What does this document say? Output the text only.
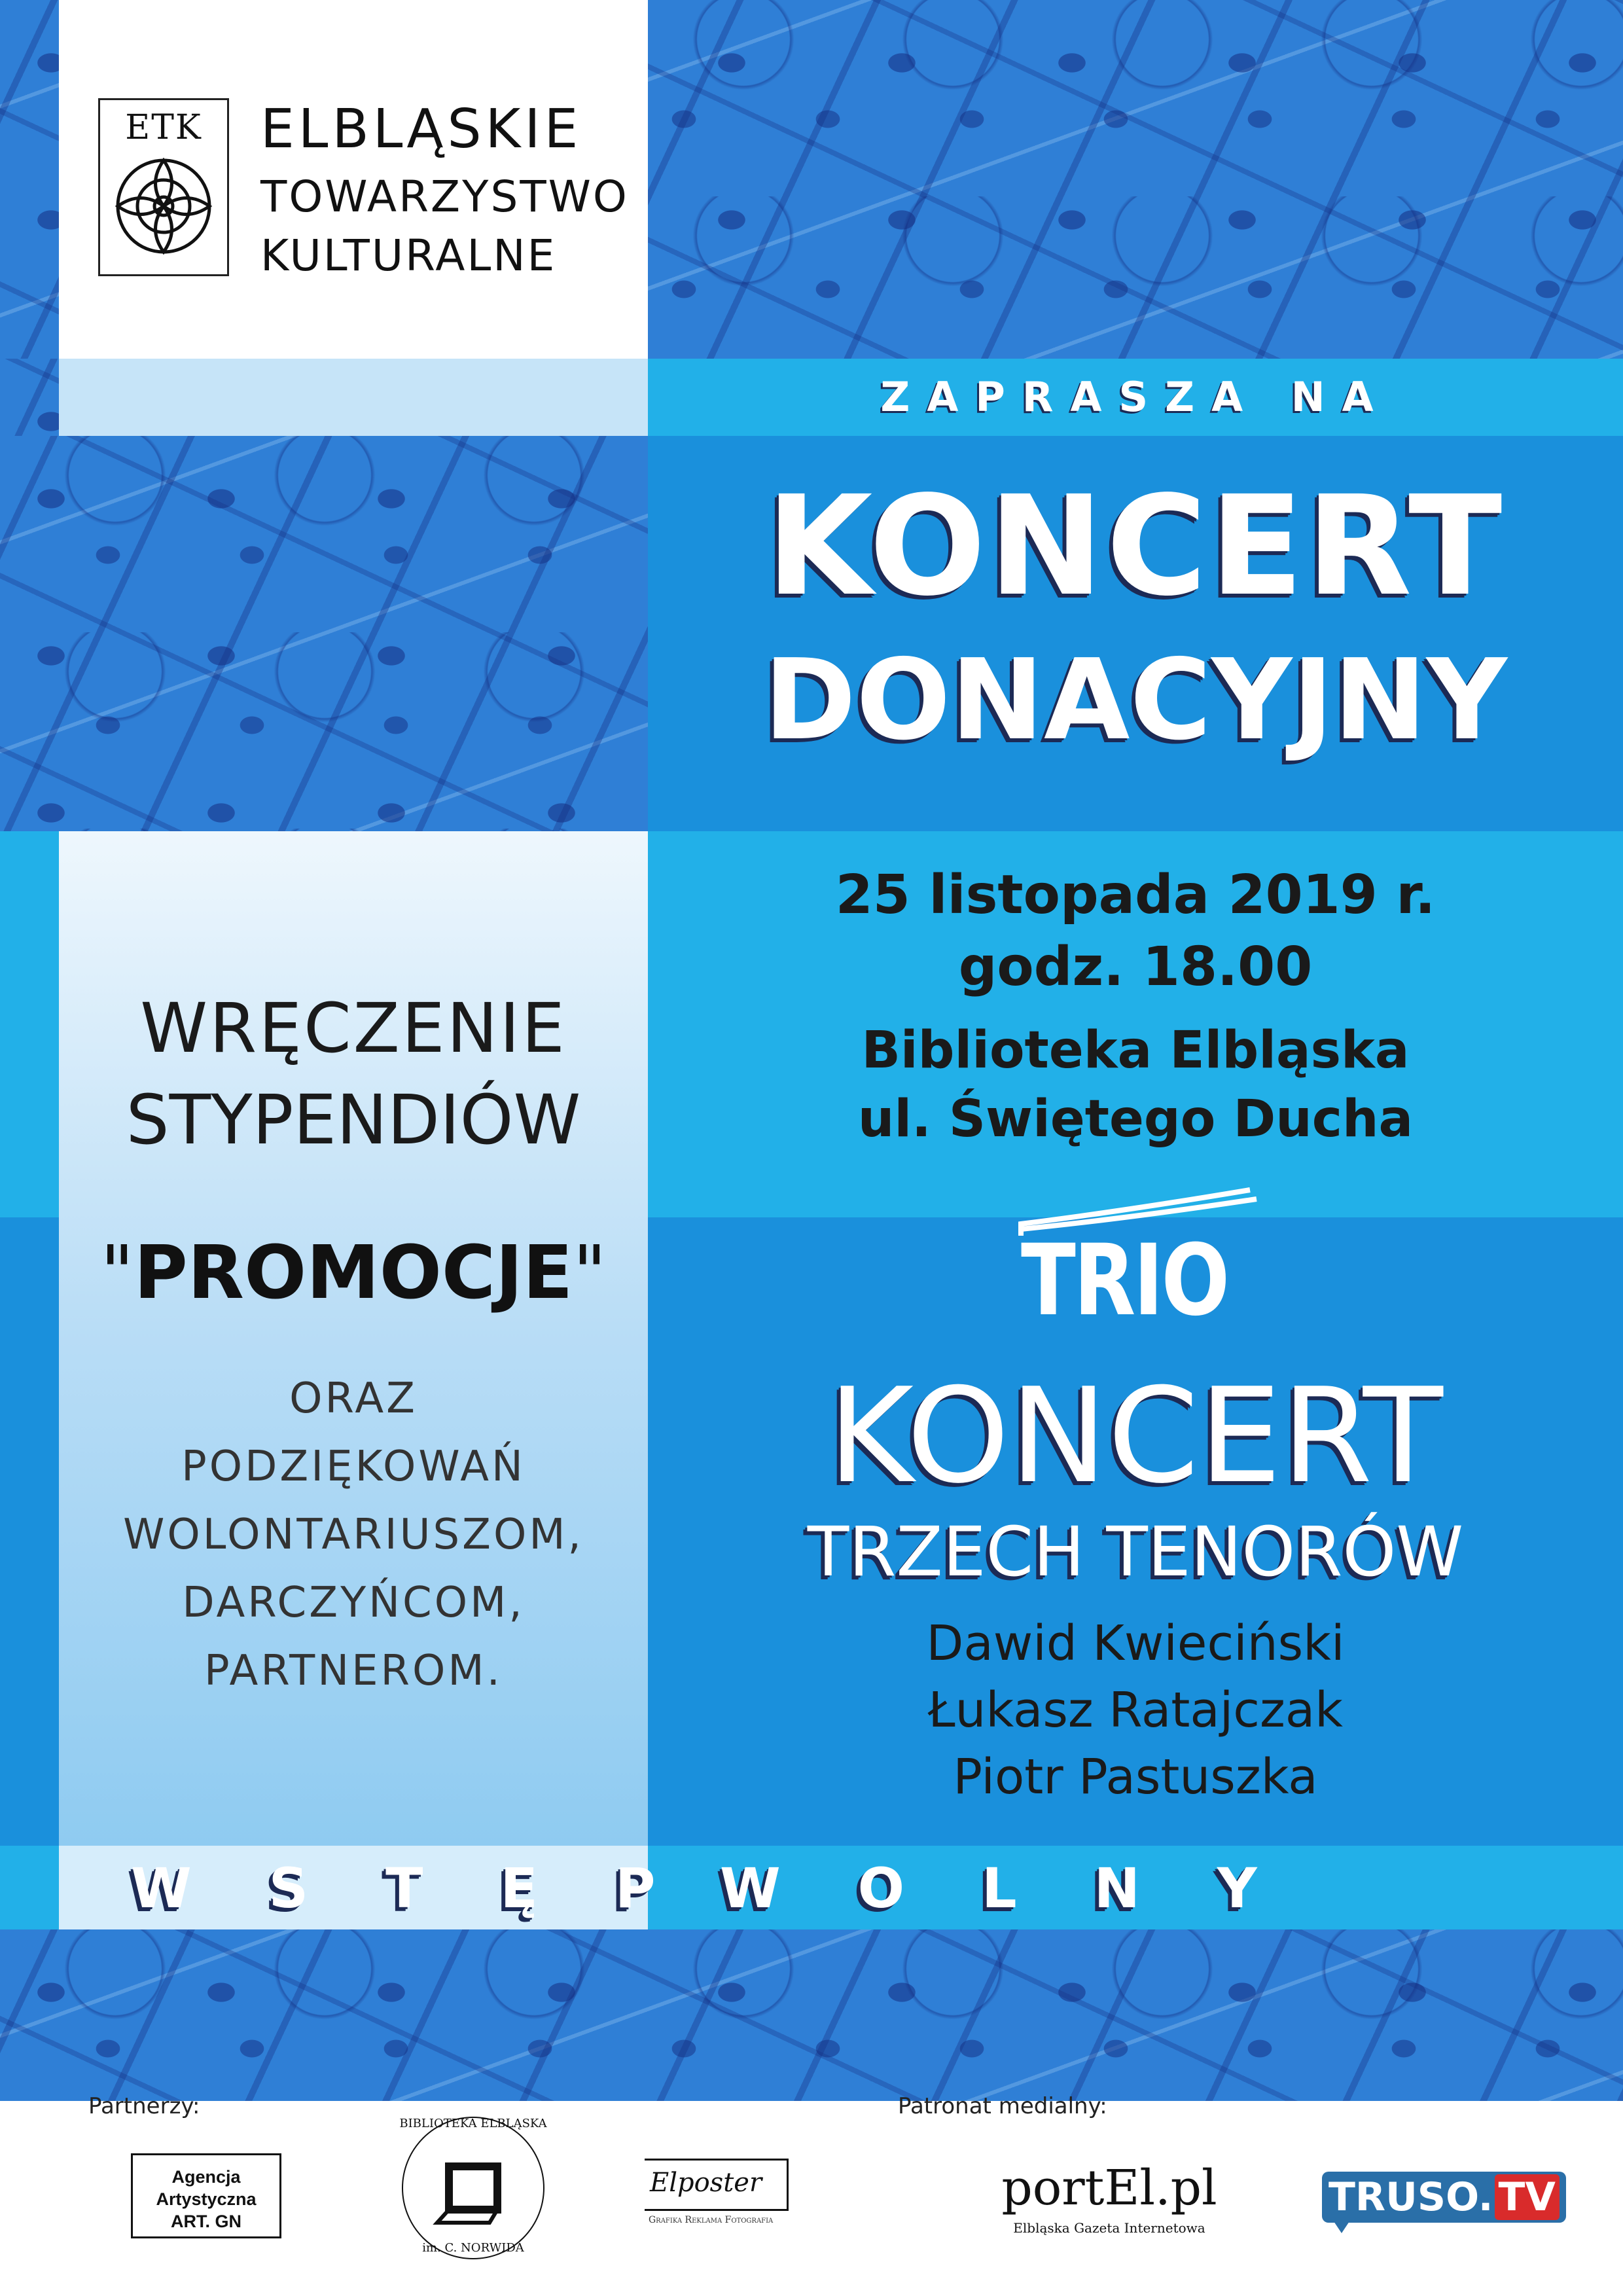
ETK	ELBLĄSKIE
TOWARZYSTWO
KULTURALNE
ZAPRASZA NA
KONCERT
DONACYJNY
25 listopada 2019 r.
godz. 18.00
Biblioteka Elbląska
ul. Świętego Ducha
WRĘCZENIE
STYPENDIÓW
"PROMOCJE"
ORAZ
PODZIĘKOWAŃ
WOLONTARIUSZOM,
DARCZYŃCOM,
PARTNEROM.
TRIO
KONCERT
TRZECH TENORÓW
Dawid Kwieciński
Łukasz Ratajczak
Piotr Pastuszka
WSTĘP
WOLNY
Partnerzy:	Patronat medialny:
Agencja
Artystyczna
ART. GN
BIBLIOTEKA ELBLĄSKA
im. C. NORWIDA
Elposter
Grafika Reklama Fotografia
portEl.pl
Elbląska Gazeta Internetowa
TRUSO. TV
